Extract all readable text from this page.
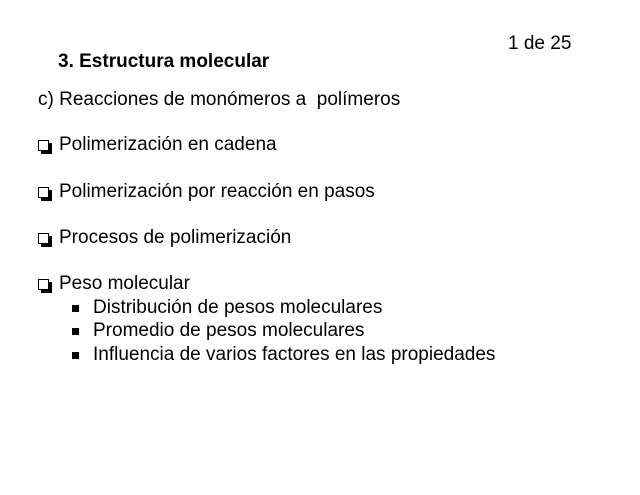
1 de 25
3. Estructura molecular
c) Reacciones de monómeros a  polímeros
Polimerización en cadena
Polimerización por reacción en pasos
Procesos de polimerización
Peso molecular
Distribución de pesos moleculares
Promedio de pesos moleculares
Influencia de varios factores en las propiedades
